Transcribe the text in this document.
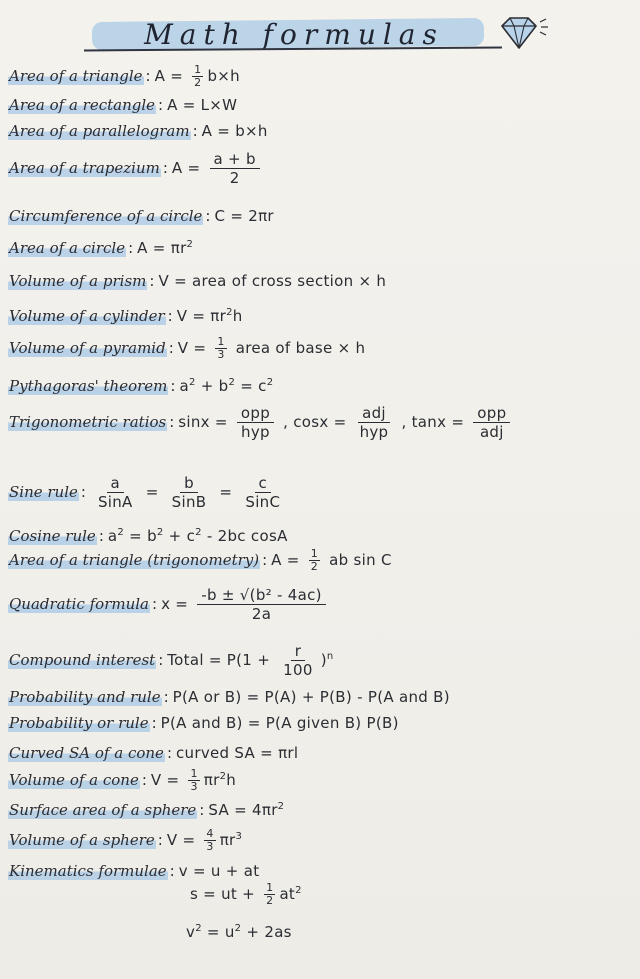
Math formulas
Area of a triangle : $A = \frac{1}{2} b\times h$
Area of a rectangle : A = L×W
Area of a parallelogram : A = b×h
Area of a trapezium : $A = \frac{a + b}{2}$
Circumference of a circle : C = 2πr
Area of a circle : $A = \pi r^2$
Volume of a prism : V = area of cross section × h
Volume of a cylinder : $V = \pi r^2h$
Volume of a pyramid : $V = \frac{1}{3}$ area of base × h
Pythagoras' theorem : $a^2 + b^2 = c^2$
Trigonometric ratios : $\sin x = \frac{\text{opp}}{\text{hyp}}$ , $\cos x = \frac{\text{adj}}{\text{hyp}}$ , $\tan x = \frac{\text{opp}}{\text{adj}}$
Sine rule : $\frac{a}{\text{SinA}} = \frac{b}{\text{SinB}} = \frac{c}{\text{SinC}}$
Cosine rule : $a^2 = b^2 + c^2 - 2bc$ cosA
Area of a triangle (trigonometry) : $A = \frac{1}{2}$ ab sin C
Quadratic formula : $x = \frac{\text{-b ± √(b² - 4ac)}}{2a}$
Compound interest : Total = $P(1 + \frac{r}{100} )^n$
Probability and rule : P(A or B) = P(A) + P(B) - P(A and B)
Probability or rule : P(A and B) = P(A given B) P(B)
Curved SA of a cone : curved SA = πrl
Volume of a cone : $V = \frac{1}{3} \pi r^2h$
Surface area of a sphere : SA = $4\pi r^2$
Volume of a sphere : $V = \frac{4}{3} \pi r^3$
Kinematics formulae : v = u + at
s = ut + $\frac{1}{2} at^2$
$v^2 = u^2 + 2as$
